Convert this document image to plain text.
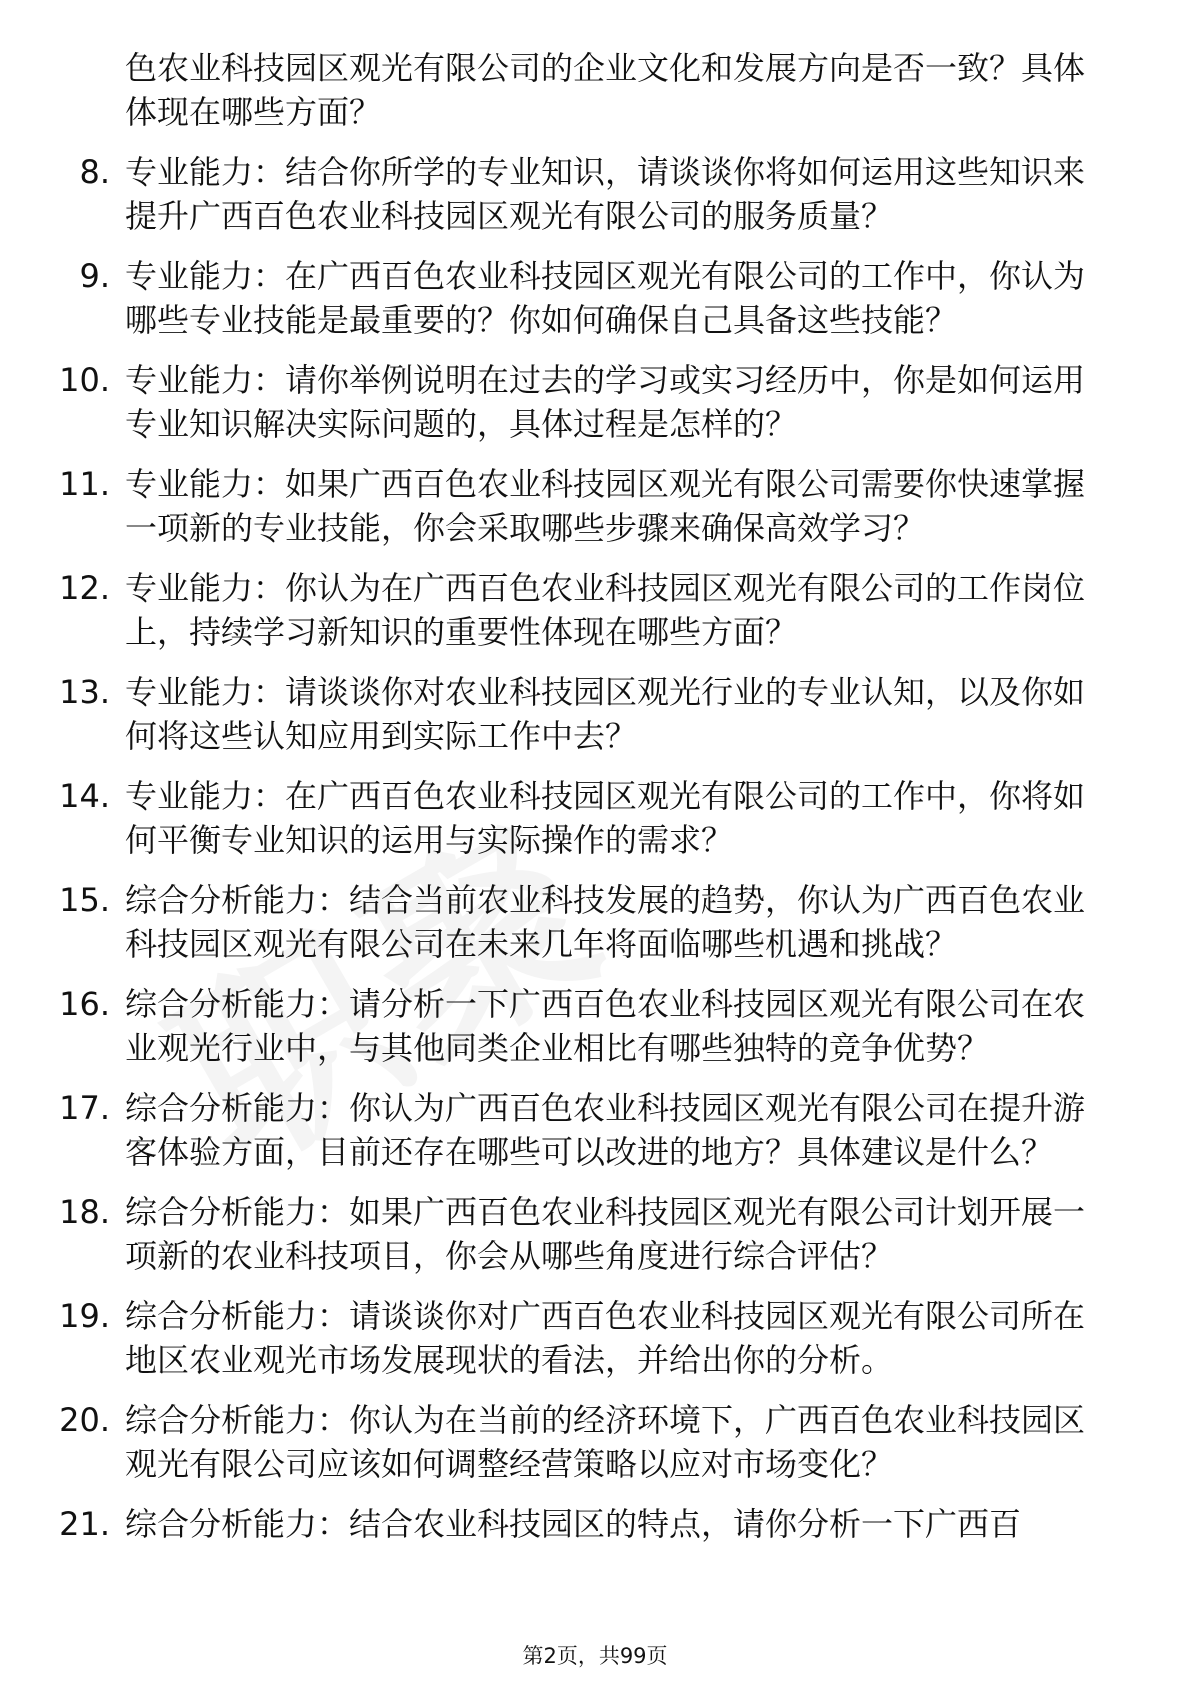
色农业科技园区观光有限公司的企业文化和发展方向是否一致？具体体现在哪些方面？
8. 专业能力：结合你所学的专业知识，请谈谈你将如何运用这些知识来提升广西百色农业科技园区观光有限公司的服务质量？
9. 专业能力：在广西百色农业科技园区观光有限公司的工作中，你认为哪些专业技能是最重要的？你如何确保自己具备这些技能？
10. 专业能力：请你举例说明在过去的学习或实习经历中，你是如何运用专业知识解决实际问题的，具体过程是怎样的？
11. 专业能力：如果广西百色农业科技园区观光有限公司需要你快速掌握一项新的专业技能，你会采取哪些步骤来确保高效学习？
12. 专业能力：你认为在广西百色农业科技园区观光有限公司的工作岗位上，持续学习新知识的重要性体现在哪些方面？
13. 专业能力：请谈谈你对农业科技园区观光行业的专业认知，以及你如何将这些认知应用到实际工作中去？
14. 专业能力：在广西百色农业科技园区观光有限公司的工作中，你将如何平衡专业知识的运用与实际操作的需求？
15. 综合分析能力：结合当前农业科技发展的趋势，你认为广西百色农业科技园区观光有限公司在未来几年将面临哪些机遇和挑战？
16. 综合分析能力：请分析一下广西百色农业科技园区观光有限公司在农业观光行业中，与其他同类企业相比有哪些独特的竞争优势？
17. 综合分析能力：你认为广西百色农业科技园区观光有限公司在提升游客体验方面，目前还存在哪些可以改进的地方？具体建议是什么？
18. 综合分析能力：如果广西百色农业科技园区观光有限公司计划开展一项新的农业科技项目，你会从哪些角度进行综合评估？
19. 综合分析能力：请谈谈你对广西百色农业科技园区观光有限公司所在地区农业观光市场发展现状的看法，并给出你的分析。
20. 综合分析能力：你认为在当前的经济环境下，广西百色农业科技园区观光有限公司应该如何调整经营策略以应对市场变化？
21. 综合分析能力：结合农业科技园区的特点，请你分析一下广西百
第2页，共99页
